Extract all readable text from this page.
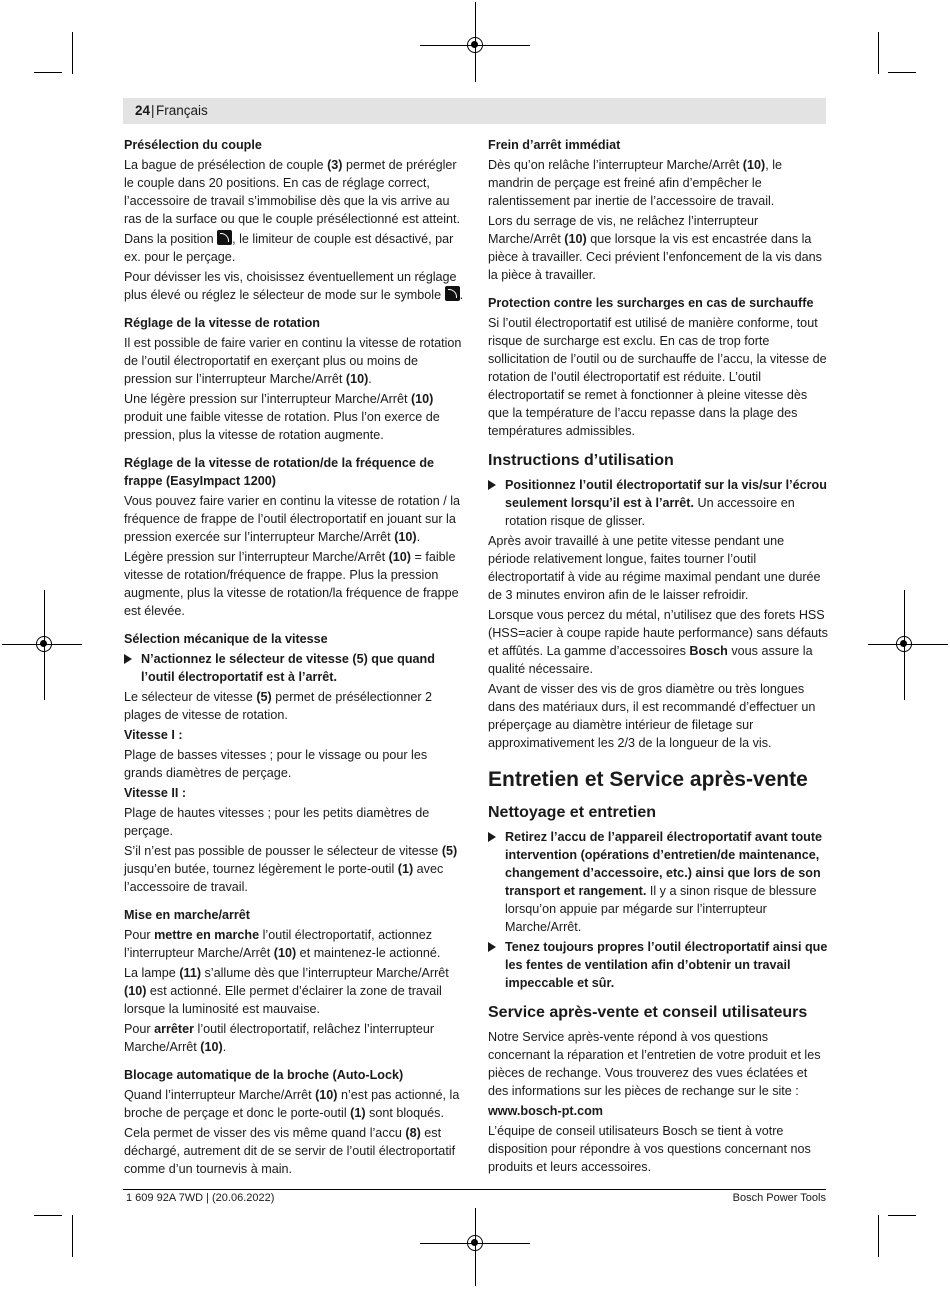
24 | Français
Présélection du couple

La bague de présélection de couple (3) permet de prérégler le couple dans 20 positions. En cas de réglage correct, l’accessoire de travail s’immobilise dès que la vis arrive au ras de la surface ou que le couple présélectionné est atteint.

Dans la position , le limiteur de couple est désactivé, par ex. pour le perçage.

Pour dévisser les vis, choisissez éventuellement un réglage plus élevé ou réglez le sélecteur de mode sur le symbole .

Réglage de la vitesse de rotation

Il est possible de faire varier en continu la vitesse de rotation de l’outil électroportatif en exerçant plus ou moins de pression sur l’interrupteur Marche/Arrêt (10).

Une légère pression sur l’interrupteur Marche/Arrêt (10) produit une faible vitesse de rotation. Plus l’on exerce de pression, plus la vitesse de rotation augmente.

Réglage de la vitesse de rotation/de la fréquence de frappe (EasyImpact 1200)

Vous pouvez faire varier en continu la vitesse de rotation / la fréquence de frappe de l’outil électroportatif en jouant sur la pression exercée sur l’interrupteur Marche/Arrêt (10).

Légère pression sur l’interrupteur Marche/Arrêt (10) = faible vitesse de rotation/fréquence de frappe. Plus la pression augmente, plus la vitesse de rotation/la fréquence de frappe est élevée.

Sélection mécanique de la vitesse
N’actionnez le sélecteur de vitesse (5) que quand l’outil électroportatif est à l’arrêt.

Le sélecteur de vitesse (5) permet de présélectionner 2 plages de vitesse de rotation.

Vitesse I :

Plage de basses vitesses ; pour le vissage ou pour les grands diamètres de perçage.

Vitesse II :

Plage de hautes vitesses ; pour les petits diamètres de perçage.

S’il n’est pas possible de pousser le sélecteur de vitesse (5) jusqu’en butée, tournez légèrement le porte-outil (1) avec l’accessoire de travail.

Mise en marche/arrêt

Pour mettre en marche l’outil électroportatif, actionnez l’interrupteur Marche/Arrêt (10) et maintenez-le actionné.

La lampe (11) s’allume dès que l’interrupteur Marche/Arrêt (10) est actionné. Elle permet d’éclairer la zone de travail lorsque la luminosité est mauvaise.

Pour arrêter l’outil électroportatif, relâchez l’interrupteur Marche/Arrêt (10).

Blocage automatique de la broche (Auto-Lock)

Quand l’interrupteur Marche/Arrêt (10) n’est pas actionné, la broche de perçage et donc le porte-outil (1) sont bloqués.

Cela permet de visser des vis même quand l’accu (8) est déchargé, autrement dit de se servir de l’outil électroportatif comme d’un tournevis à main.

Frein d’arrêt immédiat

Dès qu’on relâche l’interrupteur Marche/Arrêt (10), le mandrin de perçage est freiné afin d’empêcher le ralentissement par inertie de l’accessoire de travail.

Lors du serrage de vis, ne relâchez l’interrupteur Marche/Arrêt (10) que lorsque la vis est encastrée dans la pièce à travailler. Ceci prévient l’enfoncement de la vis dans la pièce à travailler.

Protection contre les surcharges en cas de surchauffe

Si l’outil électroportatif est utilisé de manière conforme, tout risque de surcharge est exclu. En cas de trop forte sollicitation de l’outil ou de surchauffe de l’accu, la vitesse de rotation de l’outil électroportatif est réduite. L’outil électroportatif se remet à fonctionner à pleine vitesse dès que la température de l’accu repasse dans la plage des températures admissibles.

Instructions d’utilisation
Positionnez l’outil électroportatif sur la vis/sur l’écrou seulement lorsqu’il est à l’arrêt. Un accessoire en rotation risque de glisser.

Après avoir travaillé à une petite vitesse pendant une période relativement longue, faites tourner l’outil électroportatif à vide au régime maximal pendant une durée de 3 minutes environ afin de le laisser refroidir.

Lorsque vous percez du métal, n’utilisez que des forets HSS (HSS=acier à coupe rapide haute performance) sans défauts et affûtés. La gamme d’accessoires Bosch vous assure la qualité nécessaire.

Avant de visser des vis de gros diamètre ou très longues dans des matériaux durs, il est recommandé d’effectuer un préperçage au diamètre intérieur de filetage sur approximativement les 2/3 de la longueur de la vis.

Entretien et Service après-vente
Nettoyage et entretien
Retirez l’accu de l’appareil électroportatif avant toute intervention (opérations d’entretien/de maintenance, changement d’accessoire, etc.) ainsi que lors de son transport et rangement. Il y a sinon risque de blessure lorsqu’on appuie par mégarde sur l’interrupteur Marche/Arrêt.
Tenez toujours propres l’outil électroportatif ainsi que les fentes de ventilation afin d’obtenir un travail impeccable et sûr.
Service après-vente et conseil utilisateurs

Notre Service après-vente répond à vos questions concernant la réparation et l’entretien de votre produit et les pièces de rechange. Vous trouverez des vues éclatées et des informations sur les pièces de rechange sur le site :

www.bosch-pt.com

L’équipe de conseil utilisateurs Bosch se tient à votre disposition pour répondre à vos questions concernant nos produits et leurs accessoires.

1 609 92A 7WD | (20.06.2022)	Bosch Power Tools
